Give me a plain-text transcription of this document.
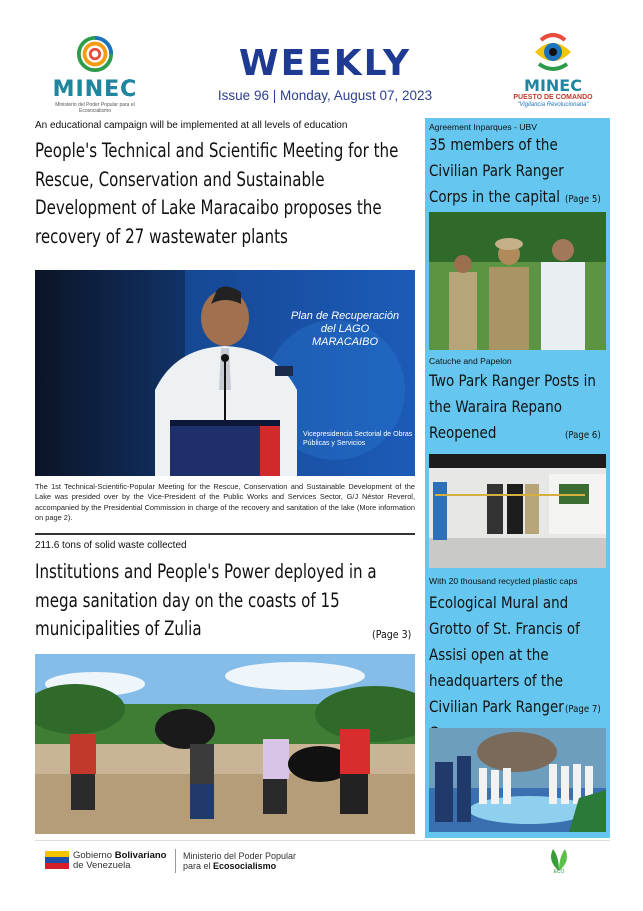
MINEC
Ministerio del Poder Popular para el Ecosocialismo
WEEKLY
Issue 96 | Monday, August 07, 2023
MINEC
PUESTO DE COMANDO
"Vigilancia Revolucionaria"
An educational campaign will be implemented at all levels of education
People's Technical and Scientific Meeting for the Rescue, Conservation and Sustainable Development of Lake Maracaibo proposes the recovery of 27 wastewater plants
Plan de Recuperación del LAGO MARACAIBO
Vicepresidencia Sectorial de Obras Públicas y Servicios
The 1st Technical-Scientific-Popular Meeting for the Rescue, Conservation and Sustainable Development of the Lake was presided over by the Vice-President of the Public Works and Services Sector, G/J Néstor Reverol, accompanied by the Presidential Commission in charge of the recovery and sanitation of the lake (More information on page 2).
211.6 tons of solid waste collected
Institutions and People's Power deployed in a mega sanitation day on the coasts of 15 municipalities of Zulia	(Page 3)
Agreement Inparques - UBV
35 members of the Civilian Park Ranger Corps in the capital (Page 5)
Catuche and Papelon
Two Park Ranger Posts in the Waraira Repano Reopened	(Page 6)
With 20 thousand recycled plastic caps
Ecological Mural and Grotto of St. Francis of Assisi open at the headquarters of the Civilian Park Ranger (Page 7)
Gobierno Bolivariano
de Venezuela
Ministerio del Poder Popular
para el Ecosocialismo
ECO
